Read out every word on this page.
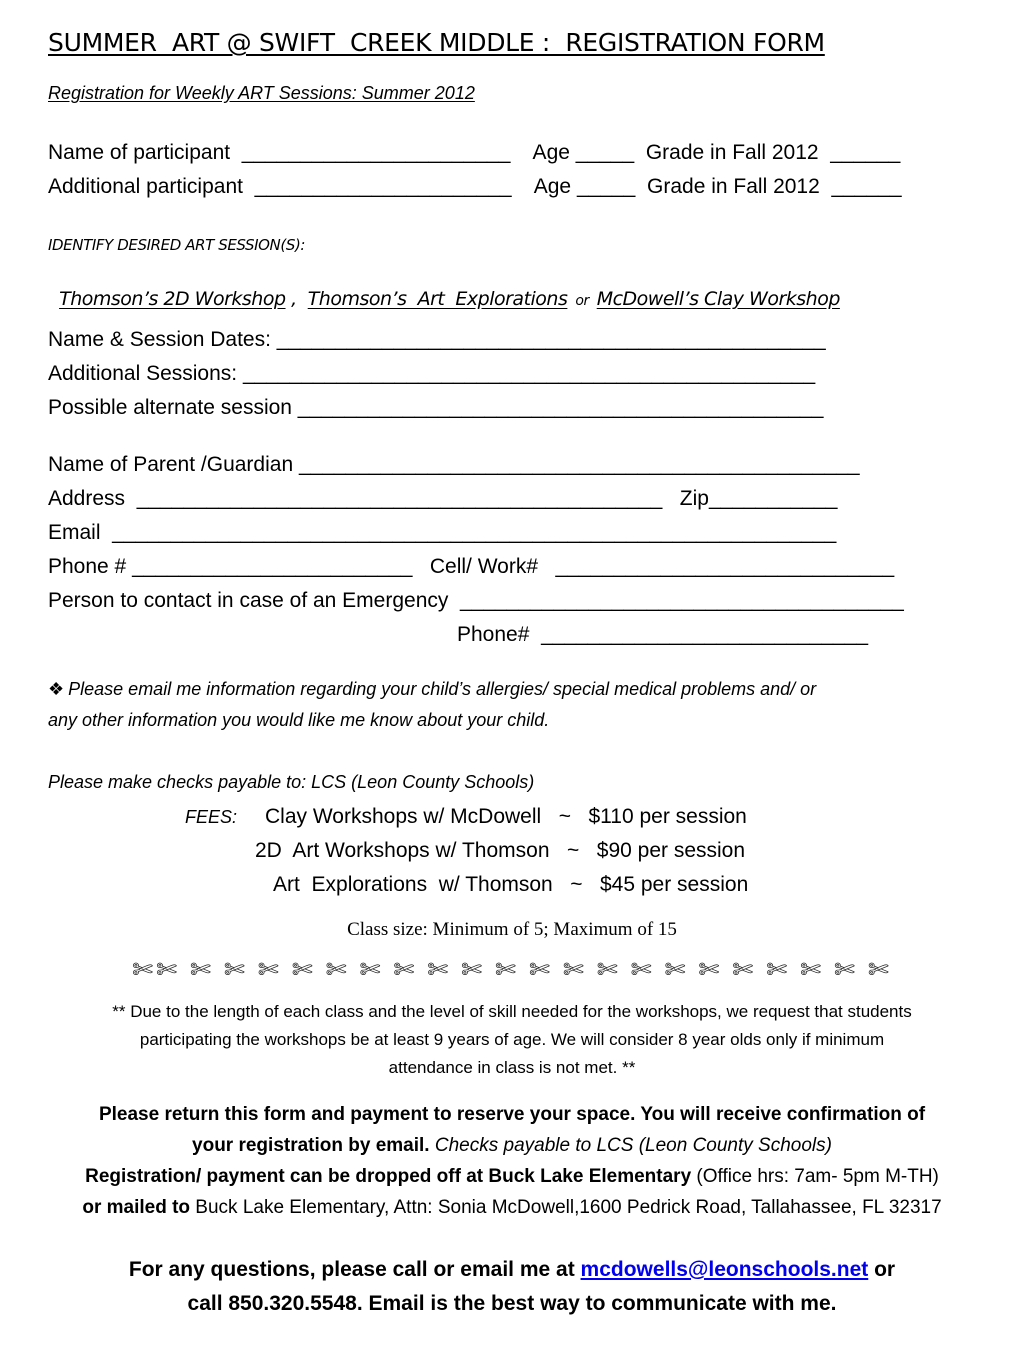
SUMMER  ART @ SWIFT  CREEK MIDDLE :  REGISTRATION FORM
Registration for Weekly ART Sessions: Summer 2012
Name of participant  _______________________    Age _____  Grade in Fall 2012  ______
Additional participant  ______________________    Age _____  Grade in Fall 2012  ______
IDENTIFY DESIRED ART SESSION(S):

Thomson’s 2D Workshop ,  Thomson’s  Art  Explorations or McDowell’s Clay Workshop

Name & Session Dates: _______________________________________________
Additional Sessions: _________________________________________________
Possible alternate session _____________________________________________
Name of Parent /Guardian ________________________________________________
Address  _____________________________________________   Zip___________
Email  ______________________________________________________________
Phone # ________________________   Cell/ Work#   _____________________________
Person to contact in case of an Emergency  ______________________________________
Phone#  ____________________________
❖ Please email me information regarding your child’s allergies/ special medical problems and/ or
any other information you would like me know about your child.
Please make checks payable to: LCS (Leon County Schools)
FEES: Clay Workshops w/ McDowell   ~   $110 per session
2D  Art Workshops w/ Thomson   ~   $90 per session
Art  Explorations  w/ Thomson   ~   $45 per session
Class size: Minimum of 5; Maximum of 15
✄✄ ✄ ✄ ✄ ✄ ✄ ✄ ✄ ✄ ✄ ✄ ✄ ✄ ✄ ✄ ✄ ✄ ✄ ✄ ✄ ✄ ✄
** Due to the length of each class and the level of skill needed for the workshops, we request that students
participating the workshops be at least 9 years of age. We will consider 8 year olds only if minimum
attendance in class is not met. **
Please return this form and payment to reserve your space. You will receive confirmation of
your registration by email. Checks payable to LCS (Leon County Schools)
Registration/ payment can be dropped off at Buck Lake Elementary (Office hrs: 7am- 5pm M-TH)
or mailed to Buck Lake Elementary, Attn: Sonia McDowell,1600 Pedrick Road, Tallahassee, FL 32317
For any questions, please call or email me at mcdowells@leonschools.net or
call 850.320.5548. Email is the best way to communicate with me.
